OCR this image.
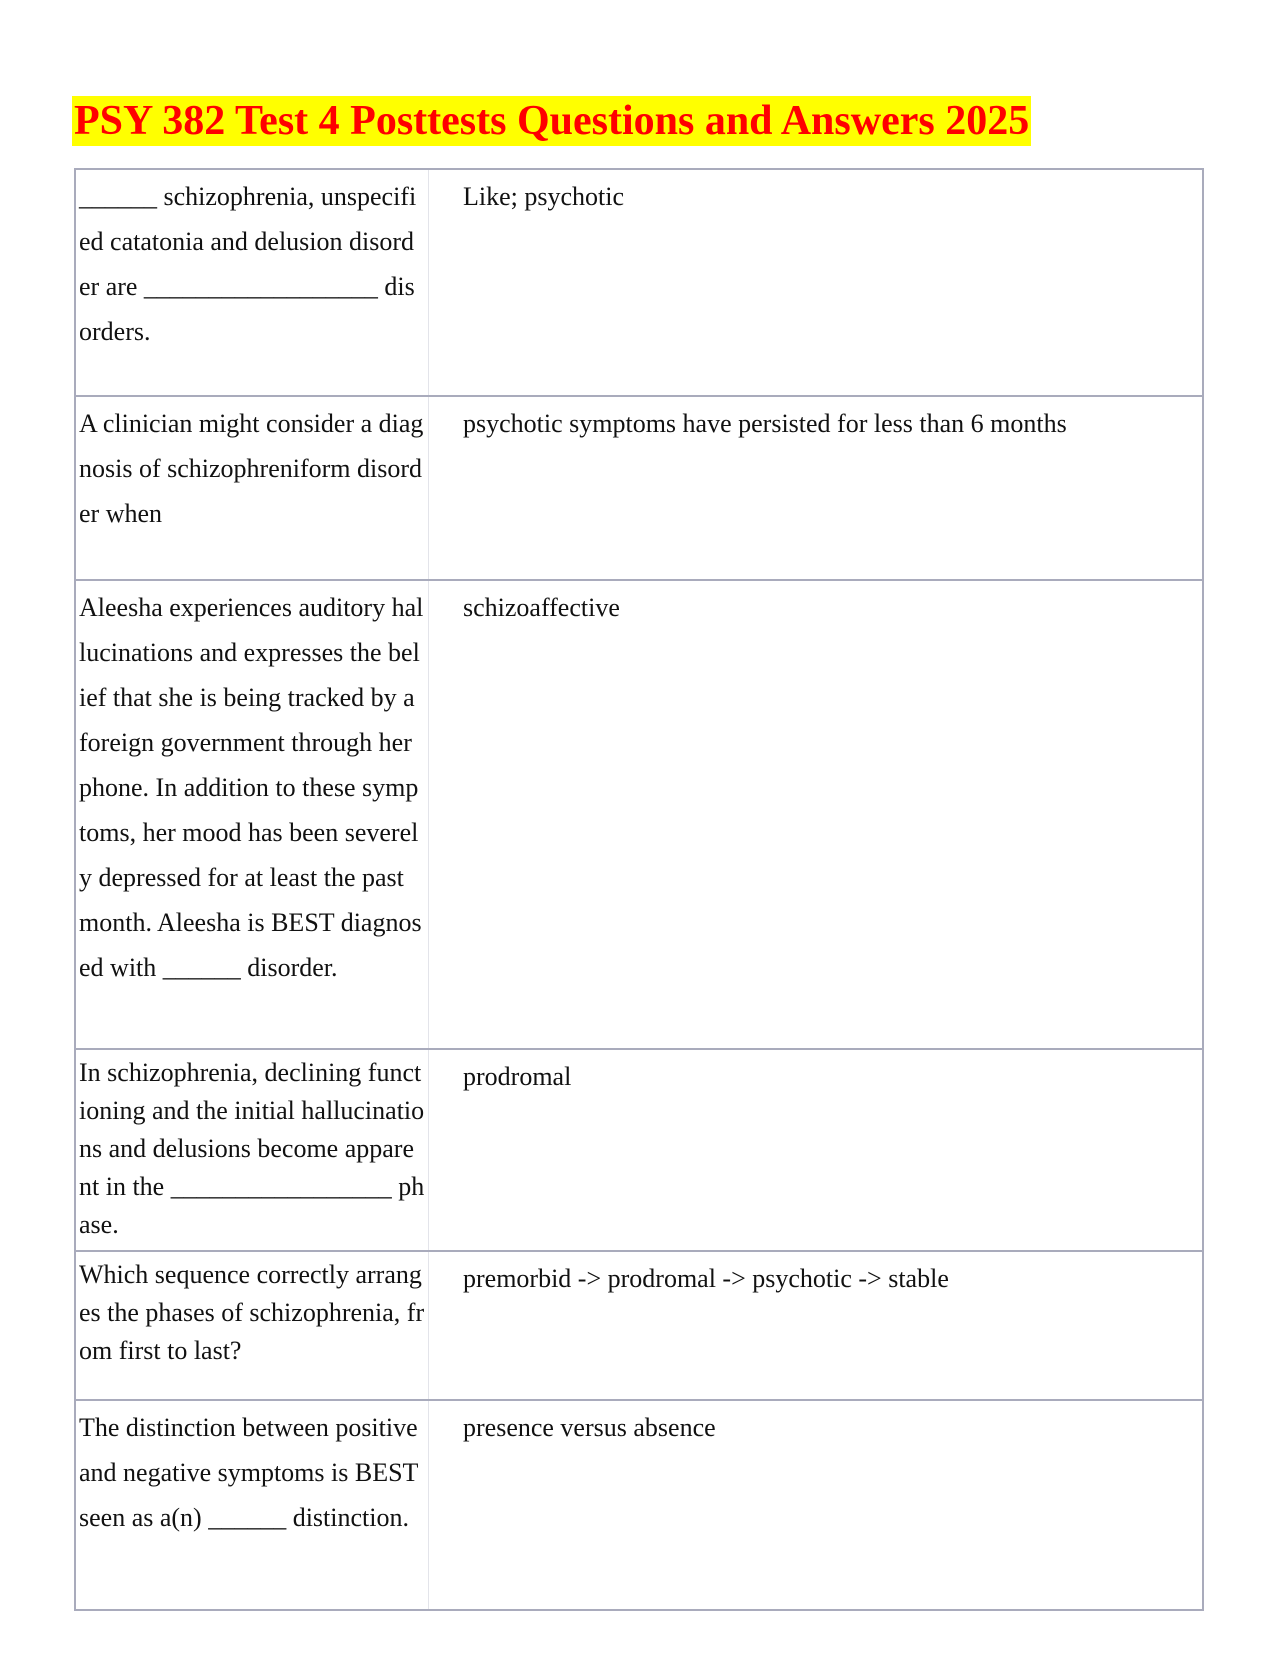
PSY 382 Test 4 Posttests Questions and Answers 2025
______ schizophrenia, unspecified catatonia and delusion disorder are __________________ disorders.	Like; psychotic
A clinician might consider a diagnosis of schizophreniform disorder when	psychotic symptoms have persisted for less than 6 months
Aleesha experiences auditory hallucinations and expresses the belief that she is being tracked by a foreign government through her phone. In addition to these symptoms, her mood has been severely depressed for at least the past month. Aleesha is BEST diagnosed with ______ disorder.	schizoaffective
In schizophrenia, declining functioning and the initial hallucinations and delusions become apparent in the _________________ phase.	prodromal
Which sequence correctly arranges the phases of schizophrenia, from first to last?	premorbid -> prodromal -> psychotic -> stable
The distinction between positive and negative symptoms is BEST seen as a(n) ______ distinction.	presence versus absence
